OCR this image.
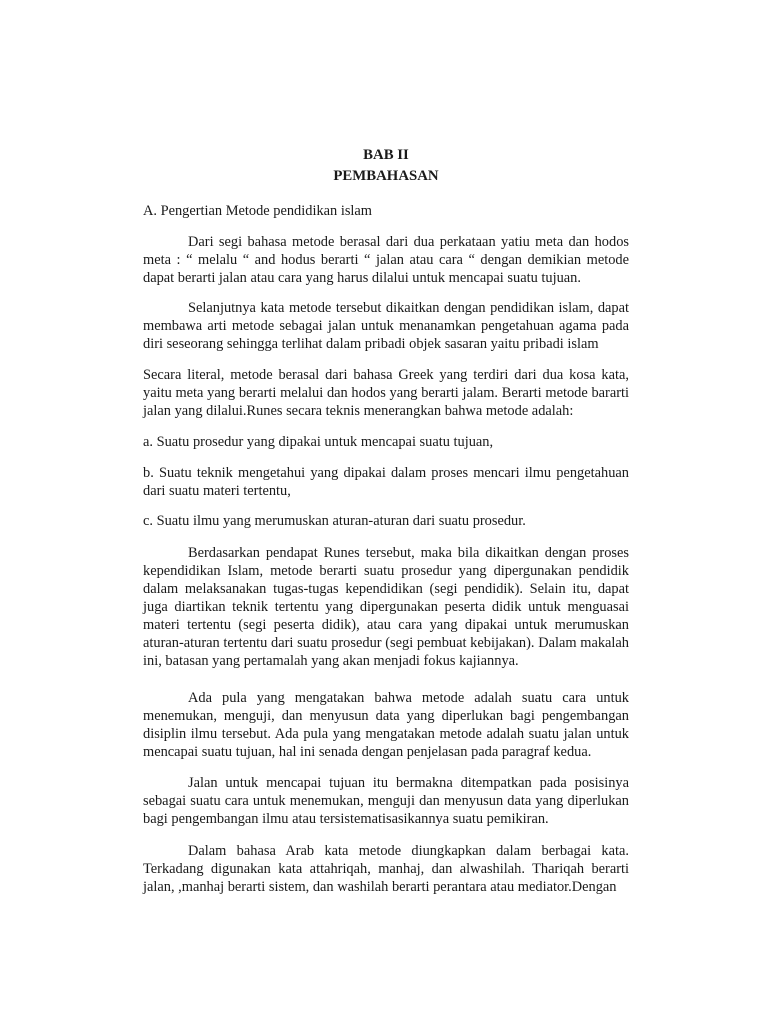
BAB II
PEMBAHASAN
A. Pengertian Metode pendidikan islam

Dari segi bahasa metode berasal dari dua perkataan yatiu meta dan hodos meta : “ melalu “ and hodus berarti “ jalan atau cara “ dengan demikian metode dapat berarti jalan atau cara yang harus dilalui untuk mencapai suatu tujuan.

Selanjutnya kata metode tersebut dikaitkan dengan pendidikan islam, dapat membawa arti metode sebagai jalan untuk menanamkan pengetahuan agama pada diri seseorang sehingga terlihat dalam pribadi objek sasaran yaitu pribadi islam

Secara literal, metode berasal dari bahasa Greek yang terdiri dari dua kosa kata, yaitu meta yang berarti melalui dan hodos yang berarti jalam. Berarti metode bararti jalan yang dilalui.Runes secara teknis menerangkan bahwa metode adalah:

a. Suatu prosedur yang dipakai untuk mencapai suatu tujuan,

b. Suatu teknik mengetahui yang dipakai dalam proses mencari ilmu pengetahuan dari suatu materi tertentu,

c. Suatu ilmu yang merumuskan aturan-aturan dari suatu prosedur.

Berdasarkan pendapat Runes tersebut, maka bila dikaitkan dengan proses kependidikan Islam, metode berarti suatu prosedur yang dipergunakan pendidik dalam melaksanakan tugas-tugas kependidikan (segi pendidik). Selain itu, dapat juga diartikan teknik tertentu yang dipergunakan peserta didik untuk menguasai materi tertentu (segi peserta didik), atau cara yang dipakai untuk merumuskan aturan-aturan tertentu dari suatu prosedur (segi pembuat kebijakan). Dalam makalah ini, batasan yang pertamalah yang akan menjadi fokus kajiannya.

Ada pula yang mengatakan bahwa metode adalah suatu cara untuk menemukan, menguji, dan menyusun data yang diperlukan bagi pengembangan disiplin ilmu tersebut. Ada pula yang mengatakan metode adalah suatu jalan untuk mencapai suatu tujuan, hal ini senada dengan penjelasan pada paragraf kedua.

Jalan untuk mencapai tujuan itu bermakna ditempatkan pada posisinya sebagai suatu cara untuk menemukan, menguji dan menyusun data yang diperlukan bagi pengembangan ilmu atau tersistematisasikannya suatu pemikiran.

Dalam bahasa Arab kata metode diungkapkan dalam berbagai kata. Terkadang digunakan kata attahriqah, manhaj, dan alwashilah. Thariqah berarti jalan, ,manhaj berarti sistem, dan washilah berarti perantara atau mediator.Dengan
